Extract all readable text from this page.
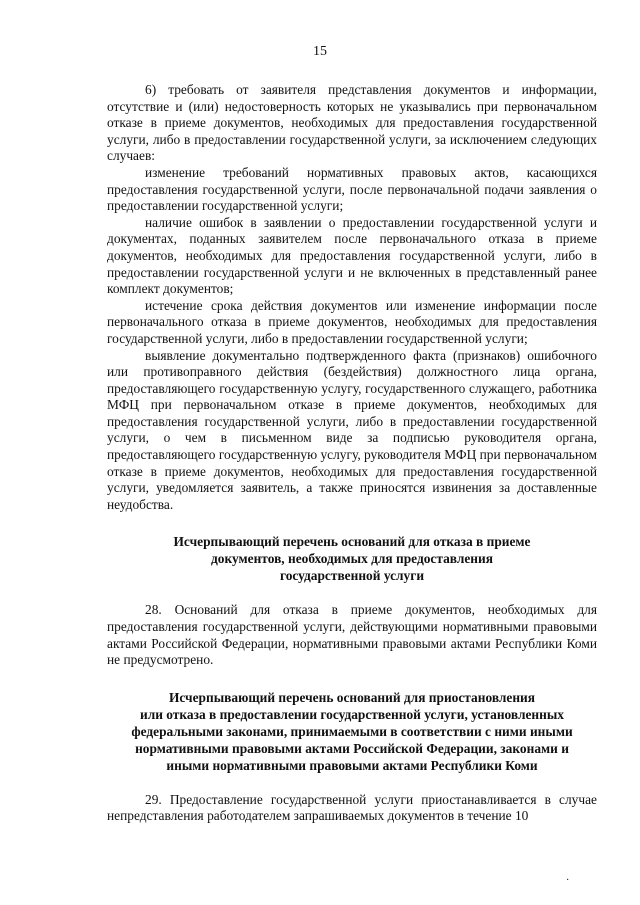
15

6) требовать от заявителя представления документов и информации, отсутствие и (или) недостоверность которых не указывались при первоначальном отказе в приеме документов, необходимых для предоставления государственной услуги, либо в предоставлении государственной услуги, за исключением следующих случаев:

изменение требований нормативных правовых актов, касающихся предоставления государственной услуги, после первоначальной подачи заявления о предоставлении государственной услуги;

наличие ошибок в заявлении о предоставлении государственной услуги и документах, поданных заявителем после первоначального отказа в приеме документов, необходимых для предоставления государственной услуги, либо в предоставлении государственной услуги и не включенных в представленный ранее комплект документов;

истечение срока действия документов или изменение информации после первоначального отказа в приеме документов, необходимых для предоставления государственной услуги, либо в предоставлении государственной услуги;

выявление документально подтвержденного факта (признаков) ошибочного или противоправного действия (бездействия) должностного лица органа, предоставляющего государственную услугу, государственного служащего, работника МФЦ при первоначальном отказе в приеме документов, необходимых для предоставления государственной услуги, либо в предоставлении государственной услуги, о чем в письменном виде за подписью руководителя органа, предоставляющего государственную услугу, руководителя МФЦ при первоначальном отказе в приеме документов, необходимых для предоставления государственной услуги, уведомляется заявитель, а также приносятся извинения за доставленные неудобства.

Исчерпывающий перечень оснований для отказа в приеме

документов, необходимых для предоставления

государственной услуги

28. Оснований для отказа в приеме документов, необходимых для предоставления государственной услуги, действующими нормативными правовыми актами Российской Федерации, нормативными правовыми актами Республики Коми не предусмотрено.

Исчерпывающий перечень оснований для приостановления

или отказа в предоставлении государственной услуги, установленных

федеральными законами, принимаемыми в соответствии с ними иными

нормативными правовыми актами Российской Федерации, законами и

иными нормативными правовыми актами Республики Коми

29. Предоставление государственной услуги приостанавливается в случае непредставления работодателем запрашиваемых документов в течение 10

·
